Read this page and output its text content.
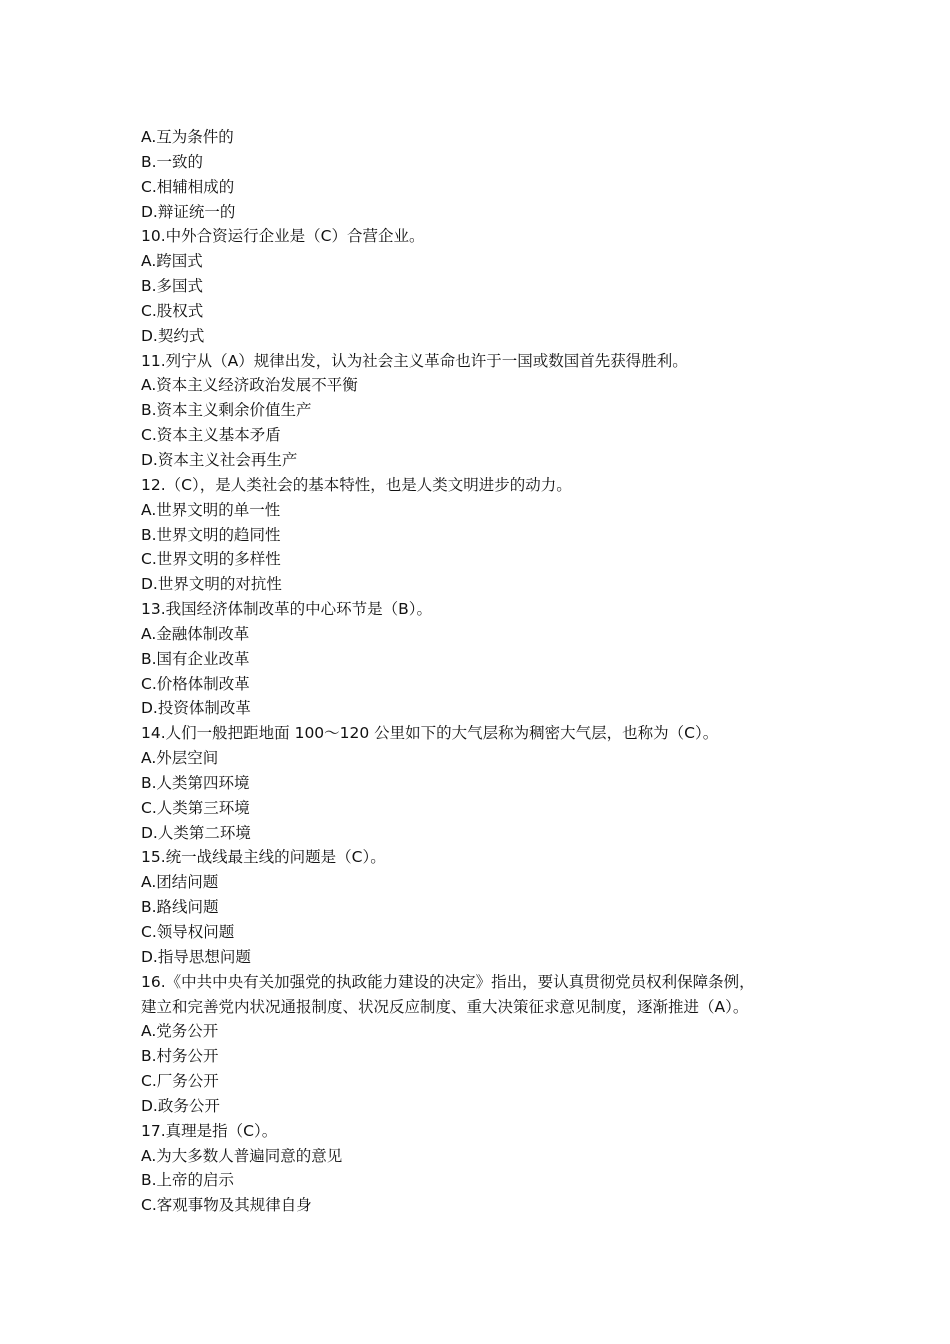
A.互为条件的
B.一致的
C.相辅相成的
D.辩证统一的
10.中外合资运行企业是（C）合营企业。
A.跨国式
B.多国式
C.股权式
D.契约式
11.列宁从（A）规律出发，认为社会主义革命也许于一国或数国首先获得胜利。
A.资本主义经济政治发展不平衡
B.资本主义剩余价值生产
C.资本主义基本矛盾
D.资本主义社会再生产
12.（C），是人类社会的基本特性，也是人类文明进步的动力。
A.世界文明的单一性
B.世界文明的趋同性
C.世界文明的多样性
D.世界文明的对抗性
13.我国经济体制改革的中心环节是（B）。
A.金融体制改革
B.国有企业改革
C.价格体制改革
D.投资体制改革
14.人们一般把距地面 100～120 公里如下的大气层称为稠密大气层，也称为（C）。
A.外层空间
B.人类第四环境
C.人类第三环境
D.人类第二环境
15.统一战线最主线的问题是（C）。
A.团结问题
B.路线问题
C.领导权问题
D.指导思想问题
16.《中共中央有关加强党的执政能力建设的决定》指出，要认真贯彻党员权利保障条例，
建立和完善党内状况通报制度、状况反应制度、重大决策征求意见制度，逐渐推进（A）。
A.党务公开
B.村务公开
C.厂务公开
D.政务公开
17.真理是指（C）。
A.为大多数人普遍同意的意见
B.上帝的启示
C.客观事物及其规律自身
